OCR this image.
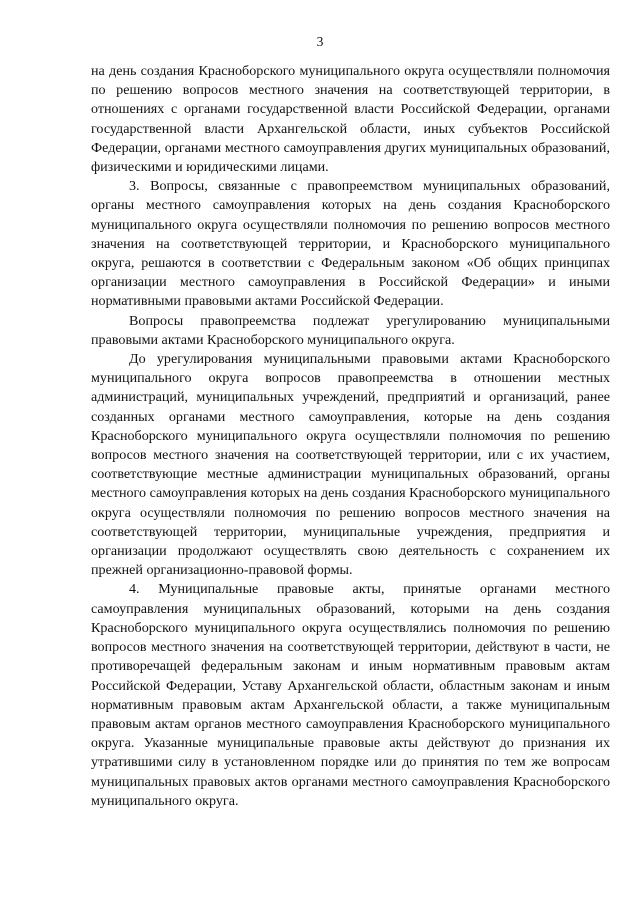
3

на день создания Красноборского муниципального округа осуществляли полномочия по решению вопросов местного значения на соответствующей территории, в отношениях с органами государственной власти Российской Федерации, органами государственной власти Архангельской области, иных субъектов Российской Федерации, органами местного самоуправления других муниципальных образований, физическими и юридическими лицами.

3. Вопросы, связанные с правопреемством муниципальных образований, органы местного самоуправления которых на день создания Красноборского муниципального округа осуществляли полномочия по решению вопросов местного значения на соответствующей территории, и Красноборского муниципального округа, решаются в соответствии с Федеральным законом «Об общих принципах организации местного самоуправления в Российской Федерации» и иными нормативными правовыми актами Российской Федерации.

Вопросы правопреемства подлежат урегулированию муниципальными правовыми актами Красноборского муниципального округа.

До урегулирования муниципальными правовыми актами Красноборского муниципального округа вопросов правопреемства в отношении местных администраций, муниципальных учреждений, предприятий и организаций, ранее созданных органами местного самоуправления, которые на день создания Красноборского муниципального округа осуществляли полномочия по решению вопросов местного значения на соответствующей территории, или с их участием, соответствующие местные администрации муниципальных образований, органы местного самоуправления которых на день создания Красноборского муниципального округа осуществляли полномочия по решению вопросов местного значения на соответствующей территории, муниципальные учреждения, предприятия и организации продолжают осуществлять свою деятельность с сохранением их прежней организационно-правовой формы.

4. Муниципальные правовые акты, принятые органами местного самоуправления муниципальных образований, которыми на день создания Красноборского муниципального округа осуществлялись полномочия по решению вопросов местного значения на соответствующей территории, действуют в части, не противоречащей федеральным законам и иным нормативным правовым актам Российской Федерации, Уставу Архангельской области, областным законам и иным нормативным правовым актам Архангельской области, а также муниципальным правовым актам органов местного самоуправления Красноборского муниципального округа. Указанные муниципальные правовые акты действуют до признания их утратившими силу в установленном порядке или до принятия по тем же вопросам муниципальных правовых актов органами местного самоуправления Красноборского муниципального округа.
